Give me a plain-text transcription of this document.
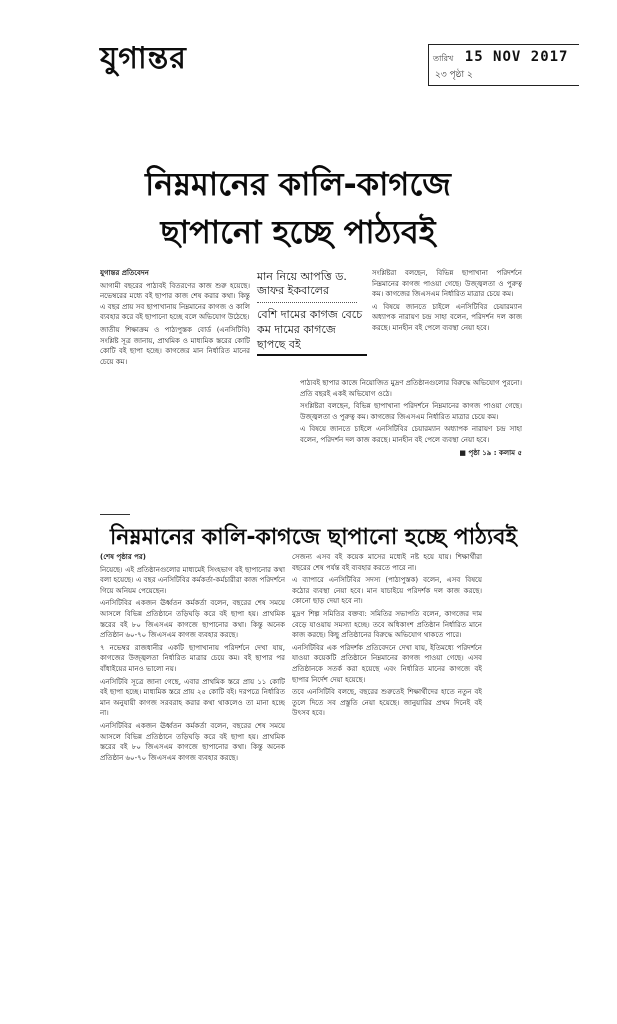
যুগান্তর	তারিখ 15 NOV 2017
২৩ পৃষ্ঠা ২
নিম্নমানের কালি-কাগজে
ছাপানো হচ্ছে পাঠ্যবই
যুগান্তর প্রতিবেদন

আগামী বছরের পাঠ্যবই বিতরণের কাজ শুরু হয়েছে। নভেম্বরের মধ্যে বই ছাপার কাজ শেষ করার কথা। কিন্তু এ বছর প্রায় সব ছাপাখানায় নিম্নমানের কাগজ ও কালি ব্যবহার করে বই ছাপানো হচ্ছে বলে অভিযোগ উঠেছে।

জাতীয় শিক্ষাক্রম ও পাঠ্যপুস্তক বোর্ড (এনসিটিবি) সংশ্লিষ্ট সূত্র জানায়, প্রাথমিক ও মাধ্যমিক স্তরের কোটি কোটি বই ছাপা হচ্ছে। কাগজের মান নির্ধারিত মানের চেয়ে কম।

মান নিয়ে আপত্তি ড. জাফর ইকবালের
বেশি দামের কাগজ বেচে কম দামের কাগজে ছাপছে বই

সংশ্লিষ্টরা বলছেন, বিভিন্ন ছাপাখানা পরিদর্শনে নিম্নমানের কাগজ পাওয়া গেছে। উজ্জ্বলতা ও পুরুত্ব কম। কাগজের জিএসএম নির্ধারিত মাত্রার চেয়ে কম।

এ বিষয়ে জানতে চাইলে এনসিটিবির চেয়ারম্যান অধ্যাপক নারায়ণ চন্দ্র সাহা বলেন, পরিদর্শন দল কাজ করছে। মানহীন বই পেলে ব্যবস্থা নেয়া হবে।

পাঠ্যবই ছাপার কাজে নিয়োজিত মুদ্রণ প্রতিষ্ঠানগুলোর বিরুদ্ধে অভিযোগ পুরনো। প্রতি বছরই একই অভিযোগ ওঠে।

সংশ্লিষ্টরা বলছেন, বিভিন্ন ছাপাখানা পরিদর্শনে নিম্নমানের কাগজ পাওয়া গেছে। উজ্জ্বলতা ও পুরুত্ব কম। কাগজের জিএসএম নির্ধারিত মাত্রার চেয়ে কম।

এ বিষয়ে জানতে চাইলে এনসিটিবির চেয়ারম্যান অধ্যাপক নারায়ণ চন্দ্র সাহা বলেন, পরিদর্শন দল কাজ করছে। মানহীন বই পেলে ব্যবস্থা নেয়া হবে।

■ পৃষ্ঠা ১৯ : কলাম ৫
নিম্নমানের কালি-কাগজে ছাপানো হচ্ছে পাঠ্যবই

(শেষ পৃষ্ঠার পর)

নিয়েছে। এই প্রতিষ্ঠানগুলোর মাধ্যমেই সিংহভাগ বই ছাপানোর কথা বলা হয়েছে। এ বছর এনসিটিবির কর্মকর্তা-কর্মচারীরা কাজ পরিদর্শনে গিয়ে অনিয়ম পেয়েছেন।

এনসিটিবির একজন ঊর্ধ্বতন কর্মকর্তা বলেন, বছরের শেষ সময়ে আসলে বিভিন্ন প্রতিষ্ঠানে তড়িঘড়ি করে বই ছাপা হয়। প্রাথমিক স্তরের বই ৮০ জিএসএম কাগজে ছাপানোর কথা। কিন্তু অনেক প্রতিষ্ঠান ৬০-৭০ জিএসএম কাগজ ব্যবহার করছে।

৭ নভেম্বর রাজধানীর একটি ছাপাখানায় পরিদর্শনে দেখা যায়, কাগজের উজ্জ্বলতা নির্ধারিত মাত্রার চেয়ে কম। বই ছাপার পর বাঁধাইয়ের মানও ভালো নয়।

এনসিটিবি সূত্রে জানা গেছে, এবার প্রাথমিক স্তরে প্রায় ১১ কোটি বই ছাপা হচ্ছে। মাধ্যমিক স্তরে প্রায় ২৫ কোটি বই। দরপত্রে নির্ধারিত মান অনুযায়ী কাগজ সরবরাহ করার কথা থাকলেও তা মানা হচ্ছে না।

এনসিটিবির একজন ঊর্ধ্বতন কর্মকর্তা বলেন, বছরের শেষ সময়ে আসলে বিভিন্ন প্রতিষ্ঠানে তড়িঘড়ি করে বই ছাপা হয়। প্রাথমিক স্তরের বই ৮০ জিএসএম কাগজে ছাপানোর কথা। কিন্তু অনেক প্রতিষ্ঠান ৬০-৭০ জিএসএম কাগজ ব্যবহার করছে।

সেজন্য এসব বই কয়েক মাসের মধ্যেই নষ্ট হয়ে যায়। শিক্ষার্থীরা বছরের শেষ পর্যন্ত বই ব্যবহার করতে পারে না।

এ ব্যাপারে এনসিটিবির সদস্য (পাঠ্যপুস্তক) বলেন, এসব বিষয়ে কঠোর ব্যবস্থা নেয়া হবে। মান যাচাইয়ে পরিদর্শক দল কাজ করছে। কোনো ছাড় দেয়া হবে না।

মুদ্রণ শিল্প সমিতির বক্তব্য: সমিতির সভাপতি বলেন, কাগজের দাম বেড়ে যাওয়ায় সমস্যা হচ্ছে। তবে অধিকাংশ প্রতিষ্ঠান নির্ধারিত মানে কাজ করছে। কিছু প্রতিষ্ঠানের বিরুদ্ধে অভিযোগ থাকতে পারে।

এনসিটিবির এক পরিদর্শক প্রতিবেদনে দেখা যায়, ইতিমধ্যে পরিদর্শনে যাওয়া কয়েকটি প্রতিষ্ঠানে নিম্নমানের কাগজ পাওয়া গেছে। এসব প্রতিষ্ঠানকে সতর্ক করা হয়েছে এবং নির্ধারিত মানের কাগজে বই ছাপার নির্দেশ দেয়া হয়েছে।

তবে এনসিটিবি বলছে, বছরের শুরুতেই শিক্ষার্থীদের হাতে নতুন বই তুলে দিতে সব প্রস্তুতি নেয়া হয়েছে। জানুয়ারির প্রথম দিনেই বই উৎসব হবে।
